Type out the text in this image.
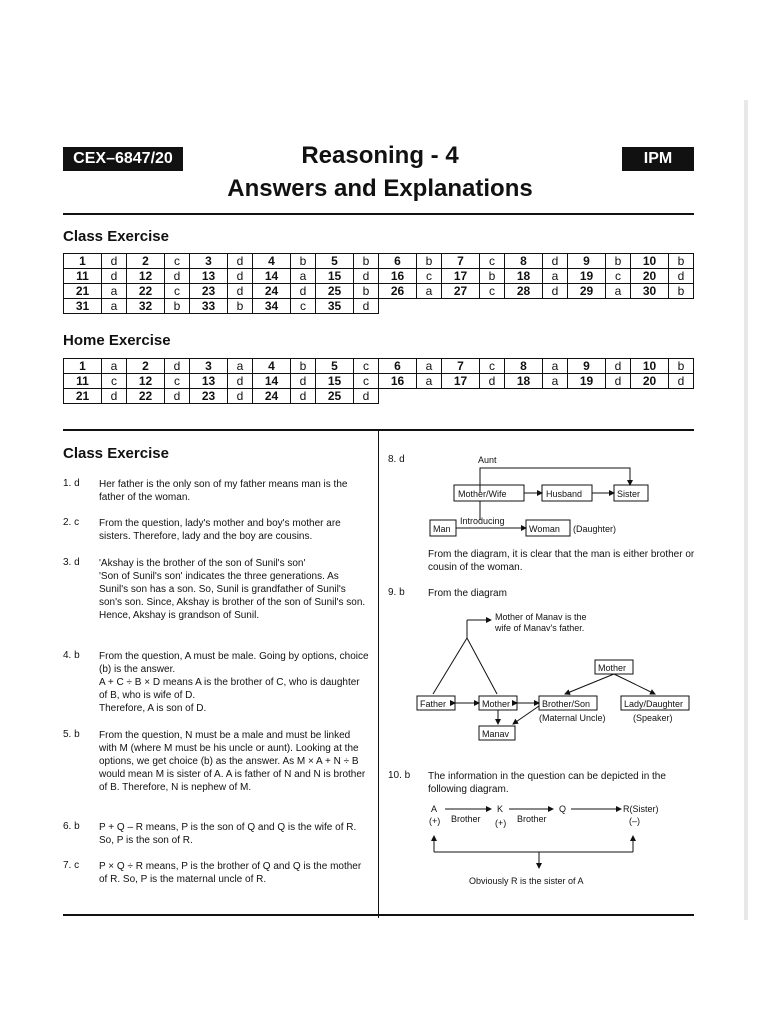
CEX–6847/20	Reasoning - 4	IPM
Answers and Explanations
Class Exercise
1	d	2	c	3	d	4	b	5	b	6	b	7	c	8	d	9	b	10	b
11	d	12	d	13	d	14	a	15	d	16	c	17	b	18	a	19	c	20	d
21	a	22	c	23	d	24	d	25	b	26	a	27	c	28	d	29	a	30	b
31	a	32	b	33	b	34	c	35	d										
Home Exercise
1	a	2	d	3	a	4	b	5	c	6	a	7	c	8	a	9	d	10	b
11	c	12	c	13	d	14	d	15	c	16	a	17	d	18	a	19	d	20	d
21	d	22	d	23	d	24	d	25	d										
Class Exercise
1. d	Her father is the only son of my father means man is the father of the woman.

2. c	From the question, lady's mother and boy's mother are sisters. Therefore, lady and the boy are cousins.

3. d	'Akshay is the brother of the son of Sunil's son'

'Son of Sunil's son' indicates the three generations. As Sunil's son has a son. So, Sunil is grandfather of Sunil's son's son. Since, Akshay is brother of the son of Sunil's son.

Hence, Akshay is grandson of Sunil.

4. b	From the question, A must be male. Going by options, choice (b) is the answer.

A + C ÷ B × D means A is the brother of C, who is daughter of B, who is wife of D.

Therefore, A is son of D.

5. b	From the question, N must be a male and must be linked with M (where M must be his uncle or aunt). Looking at the options, we get choice (b) as the answer. As M × A + N ÷ B would mean M is sister of A. A is father of N and N is brother of B. Therefore, N is nephew of M.

6. b	P + Q – R means, P is the son of Q and Q is the wife of R. So, P is the son of R.

7. c	P × Q ÷ R means, P is the brother of Q and Q is the mother of R. So, P is the maternal uncle of R.

8. d	Aunt
Mother/Wife	Husband	Sister
Man
Introducing
Woman (Daughter)
From the diagram, it is clear that the man is either brother or cousin of the woman.
9. b	From the diagram
Mother of Manav is the
wife of Manav's father.
Mother
Father	Mother	Brother/Son	Lady/Daughter
(Maternal Uncle)	(Speaker)
Manav
10. b	The information in the question can be depicted in the following diagram.
A	K	Q	R(Sister)
(+) Brother (+) Brother	(–)
Obviously R is the sister of A
